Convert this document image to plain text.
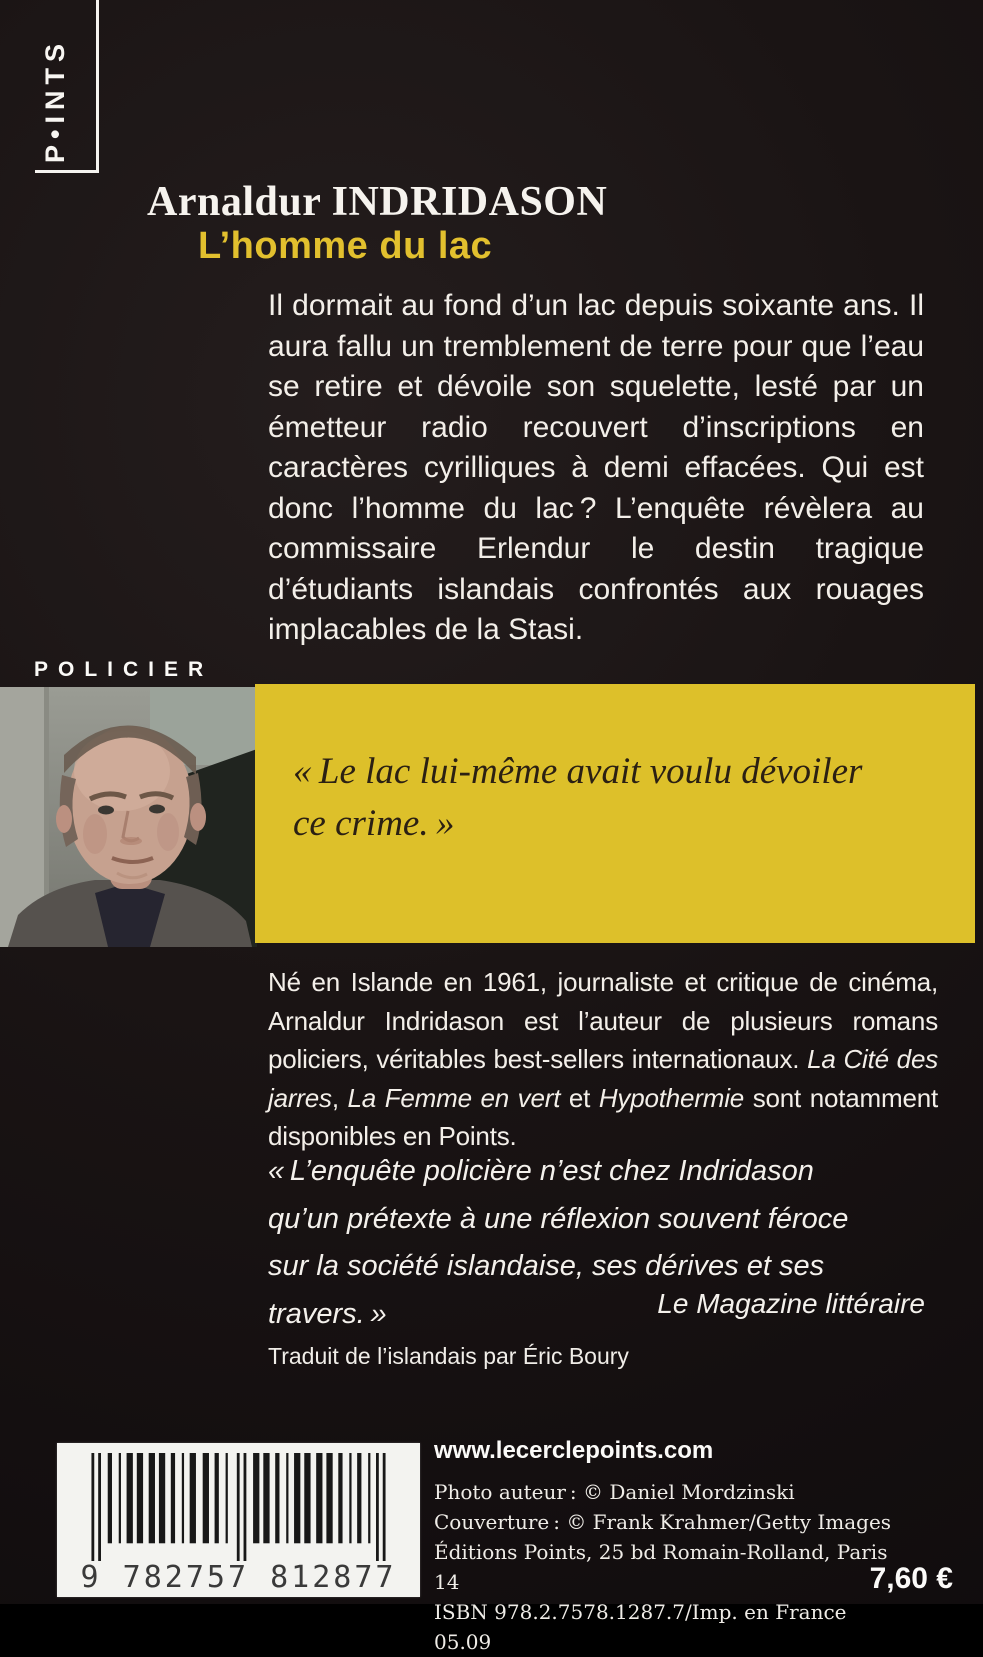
P•INTS
Arnaldur INDRIDASON
L’homme du lac
Il dormait au fond d’un lac depuis soixante ans. Il aura fallu un tremblement de terre pour que l’eau se retire et dévoile son squelette, lesté par un émetteur radio recouvert d’inscriptions en caractères cyrilliques à demi effacées. Qui est donc l’homme du lac ? L’enquête révèlera au commissaire Erlendur le destin tragique d’étudiants islandais confrontés aux rouages implacables de la Stasi.
POLICIER
« Le lac lui-même avait voulu dévoiler ce crime. »
Né en Islande en 1961, journaliste et critique de cinéma, Arnaldur Indridason est l’auteur de plusieurs romans policiers, véritables best-sellers internationaux. La Cité des jarres, La Femme en vert et Hypothermie sont notamment disponibles en Points.
« L’enquête policière n’est chez Indridason qu’un prétexte à une réflexion souvent féroce sur la société islandaise, ses dérives et ses travers. »	Le Magazine littéraire
Traduit de l’islandais par Éric Boury
9 782757 812877
www.lecerclepoints.com
Photo auteur : © Daniel Mordzinski
Couverture : © Frank Krahmer/Getty Images
Éditions Points, 25 bd Romain-Rolland, Paris 14
ISBN 978.2.7578.1287.7/Imp. en France 05.09
7,60 €
